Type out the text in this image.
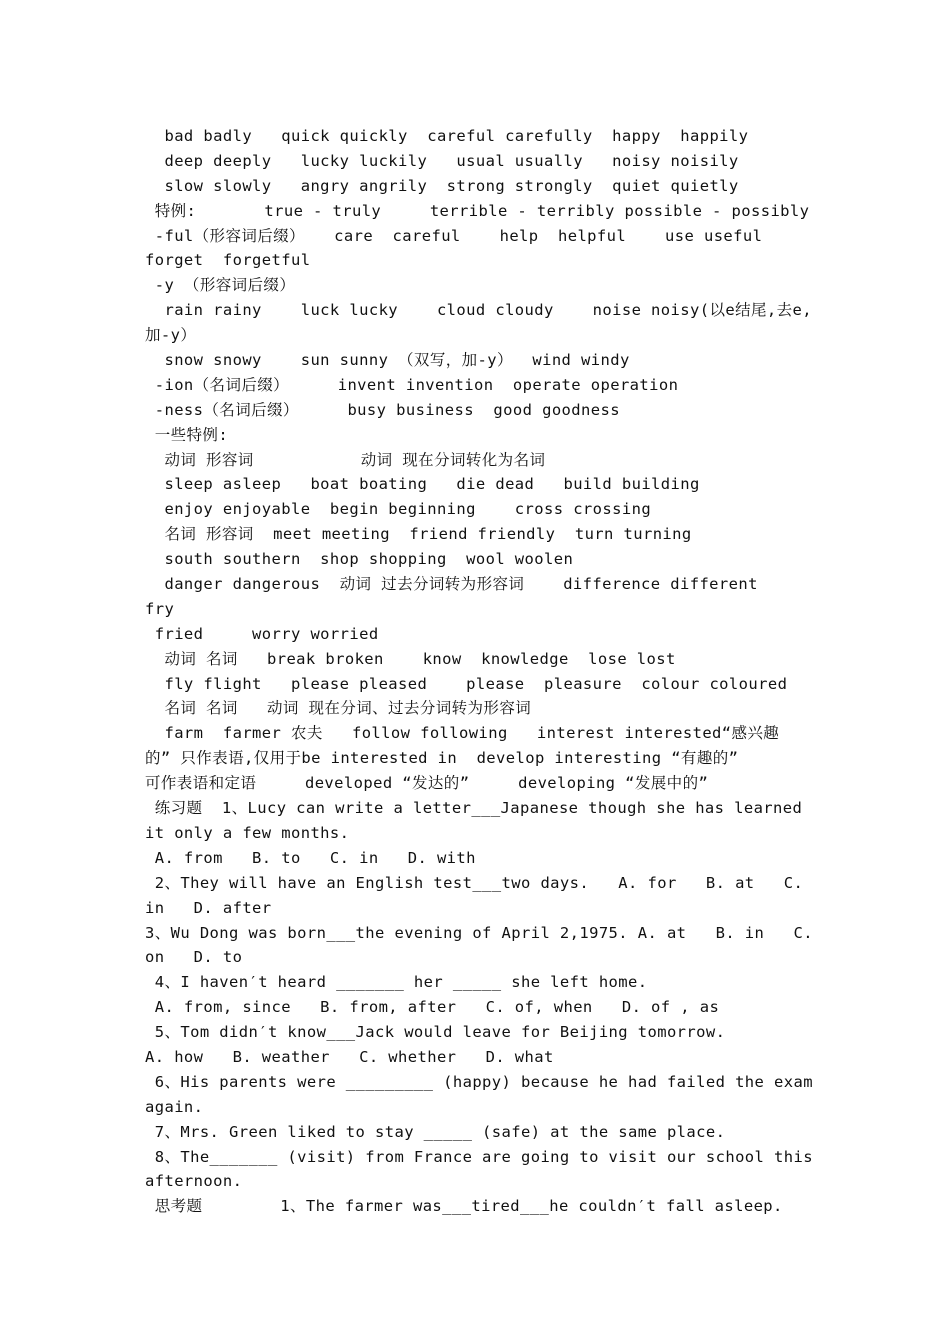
bad badly   quick quickly  careful carefully  happy  happily
deep deeply   lucky luckily   usual usually   noisy noisily
slow slowly   angry angrily  strong strongly  quiet quietly
特例:       true - truly     terrible - terribly possible - possibly
-ful（形容词后缀）   care  careful    help  helpful    use useful
forget  forgetful
-y （形容词后缀）
rain rainy    luck lucky    cloud cloudy    noise noisy(以e结尾,去e,
加-y）
snow snowy    sun sunny （双写，加-y）  wind windy
-ion（名词后缀）     invent invention  operate operation
-ness（名词后缀）     busy business  good goodness
一些特例:
动词 形容词           动词 现在分词转化为名词
sleep asleep   boat boating   die dead   build building
enjoy enjoyable  begin beginning    cross crossing
名词 形容词  meet meeting  friend friendly  turn turning
south southern  shop shopping  wool woolen
danger dangerous  动词 过去分词转为形容词    difference different
fry
fried     worry worried
动词 名词   break broken    know  knowledge  lose lost
fly flight   please pleased    please  pleasure  colour coloured
名词 名词   动词 现在分词、过去分词转为形容词
farm  farmer 农夫   follow following   interest interested“感兴趣
的” 只作表语,仅用于be interested in  develop interesting “有趣的”
可作表语和定语     developed “发达的”     developing “发展中的”
练习题  1、Lucy can write a letter___Japanese though she has learned
it only a few months.
A. from   B. to   C. in   D. with
2、They will have an English test___two days.   A. for   B. at   C.
in   D. after
3、Wu Dong was born___the evening of April 2,1975. A. at   B. in   C.
on   D. to
4、I haven′t heard _______ her _____ she left home.
A. from, since   B. from, after   C. of, when   D. of , as
5、Tom didn′t know___Jack would leave for Beijing tomorrow.
A. how   B. weather   C. whether   D. what
6、His parents were _________ (happy) because he had failed the exam
again.
7、Mrs. Green liked to stay _____ (safe) at the same place.
8、The_______ (visit) from France are going to visit our school this
afternoon.
思考题        1、The farmer was___tired___he couldn′t fall asleep.
